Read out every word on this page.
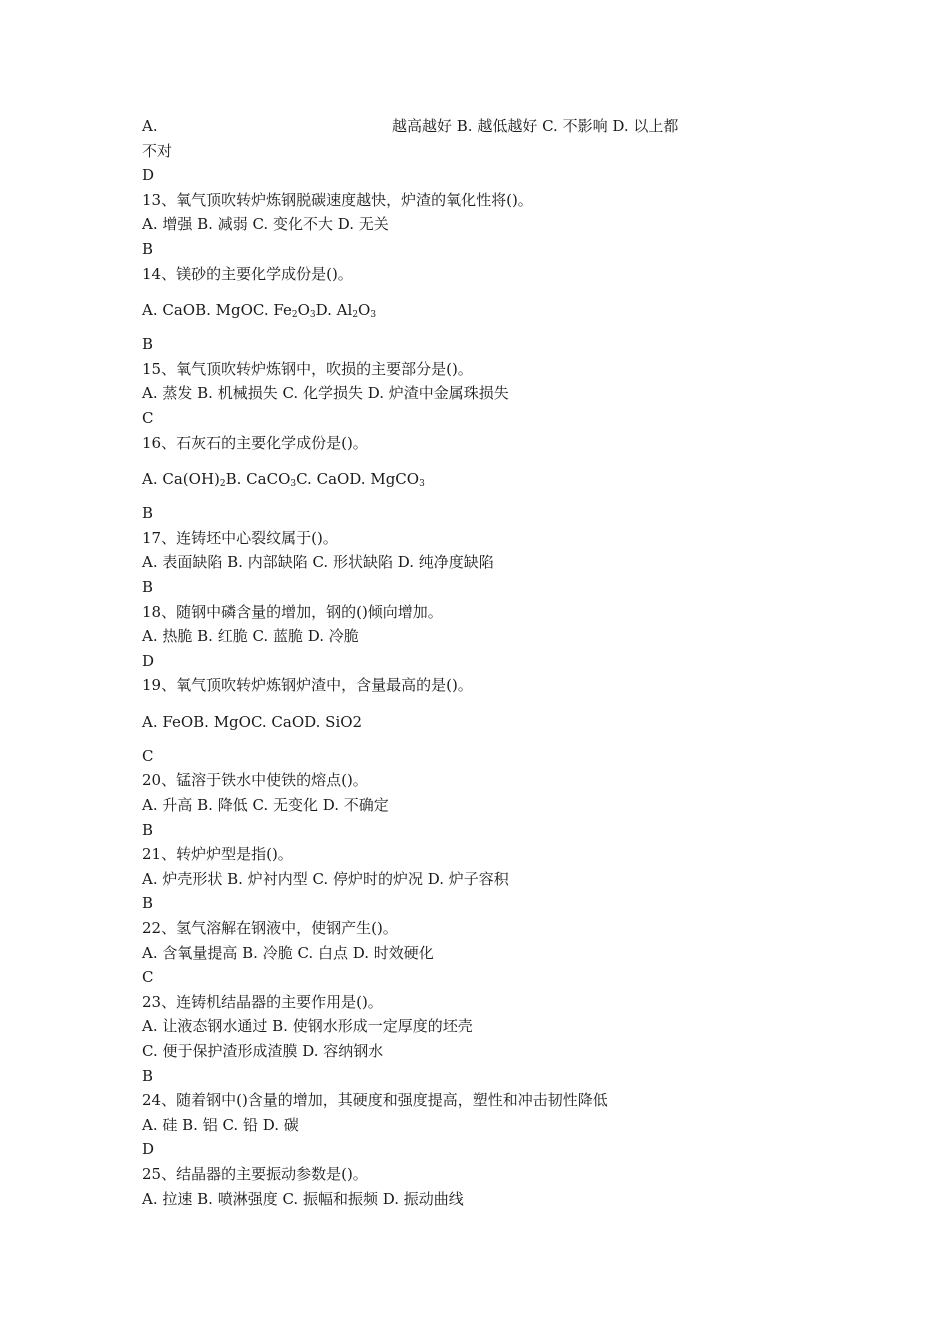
A.	越高越好 B. 越低越好 C. 不影响 D. 以上都
不对
D
13、氧气顶吹转炉炼钢脱碳速度越快，炉渣的氧化性将()。
A. 增强 B. 减弱 C. 变化不大 D. 无关
B
14、镁砂的主要化学成份是()。
A. CaOB. MgOC. $Fe_2O_3D$. $Al_2O_3$
B
15、氧气顶吹转炉炼钢中，吹损的主要部分是()。
A. 蒸发 B. 机械损失 C. 化学损失 D. 炉渣中金属珠损失
C
16、石灰石的主要化学成份是()。
A. $Ca(OH)_2B$. CaCO$_3$C. CaOD. MgCO$_3$
B
17、连铸坯中心裂纹属于()。
A. 表面缺陷 B. 内部缺陷 C. 形状缺陷 D. 纯净度缺陷
B
18、随钢中磷含量的增加，钢的()倾向增加。
A. 热脆 B. 红脆 C. 蓝脆 D. 冷脆
D
19、氧气顶吹转炉炼钢炉渣中，含量最高的是()。
A. FeOB. MgOC. CaOD. SiO2
C
20、锰溶于铁水中使铁的熔点()。
A. 升高 B. 降低 C. 无变化 D. 不确定
B
21、转炉炉型是指()。
A. 炉壳形状 B. 炉衬内型 C. 停炉时的炉况 D. 炉子容积
B
22、氢气溶解在钢液中，使钢产生()。
A. 含氧量提高 B. 冷脆 C. 白点 D. 时效硬化
C
23、连铸机结晶器的主要作用是()。
A. 让液态钢水通过 B. 使钢水形成一定厚度的坯壳
C. 便于保护渣形成渣膜 D. 容纳钢水
B
24、随着钢中()含量的增加，其硬度和强度提高，塑性和冲击韧性降低
A. 硅 B. 铝 C. 铅 D. 碳
D
25、结晶器的主要振动参数是()。
A. 拉速 B. 喷淋强度 C. 振幅和振频 D. 振动曲线
